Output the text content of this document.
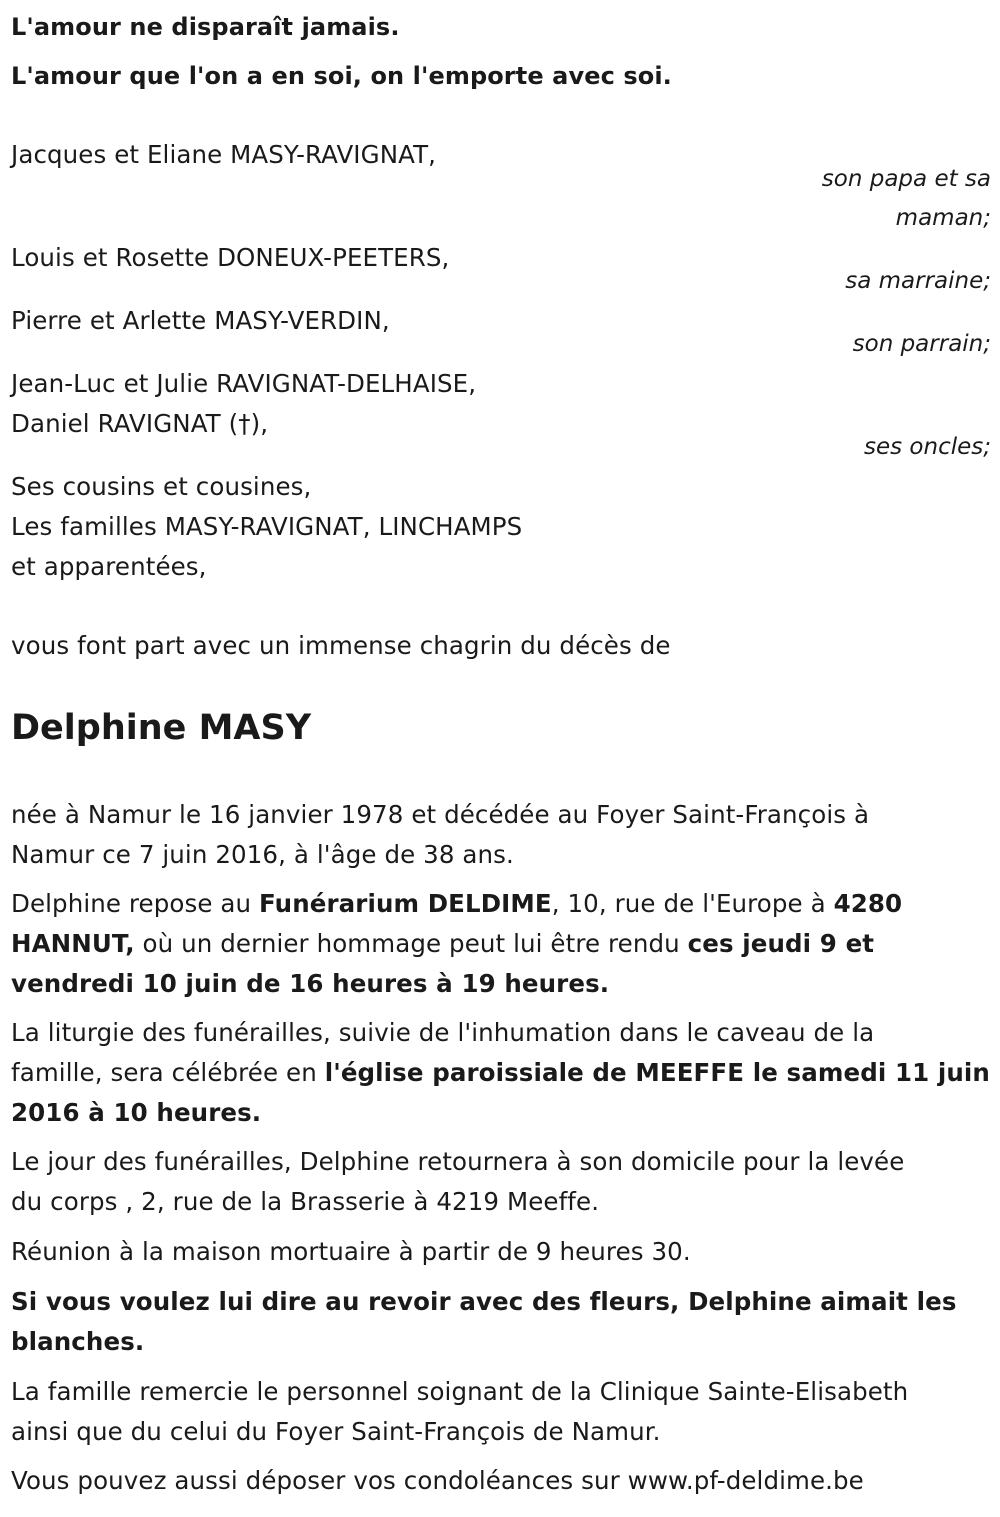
L'amour ne disparaît jamais.
L'amour que l'on a en soi, on l'emporte avec soi.
Jacques et Eliane MASY-RAVIGNAT,
son papa et sa
maman;
Louis et Rosette DONEUX-PEETERS,
sa marraine;
Pierre et Arlette MASY-VERDIN,
son parrain;
Jean-Luc et Julie RAVIGNAT-DELHAISE,
Daniel RAVIGNAT (†),
ses oncles;
Ses cousins et cousines,
Les familles MASY-RAVIGNAT, LINCHAMPS
et apparentées,
vous font part avec un immense chagrin du décès de
Delphine MASY
née à Namur le 16 janvier 1978 et décédée au Foyer Saint-François à
Namur ce 7 juin 2016, à l'âge de 38 ans.
Delphine repose au Funérarium DELDIME, 10, rue de l'Europe à 4280
HANNUT, où un dernier hommage peut lui être rendu ces jeudi 9 et
vendredi 10 juin de 16 heures à 19 heures.
La liturgie des funérailles, suivie de l'inhumation dans le caveau de la
famille, sera célébrée en l'église paroissiale de MEEFFE le samedi 11 juin
2016 à 10 heures.
Le jour des funérailles, Delphine retournera à son domicile pour la levée
du corps , 2, rue de la Brasserie à 4219 Meeffe.
Réunion à la maison mortuaire à partir de 9 heures 30.
Si vous voulez lui dire au revoir avec des fleurs, Delphine aimait les
blanches.
La famille remercie le personnel soignant de la Clinique Sainte-Elisabeth
ainsi que du celui du Foyer Saint-François de Namur.
Vous pouvez aussi déposer vos condoléances sur www.pf-deldime.be
